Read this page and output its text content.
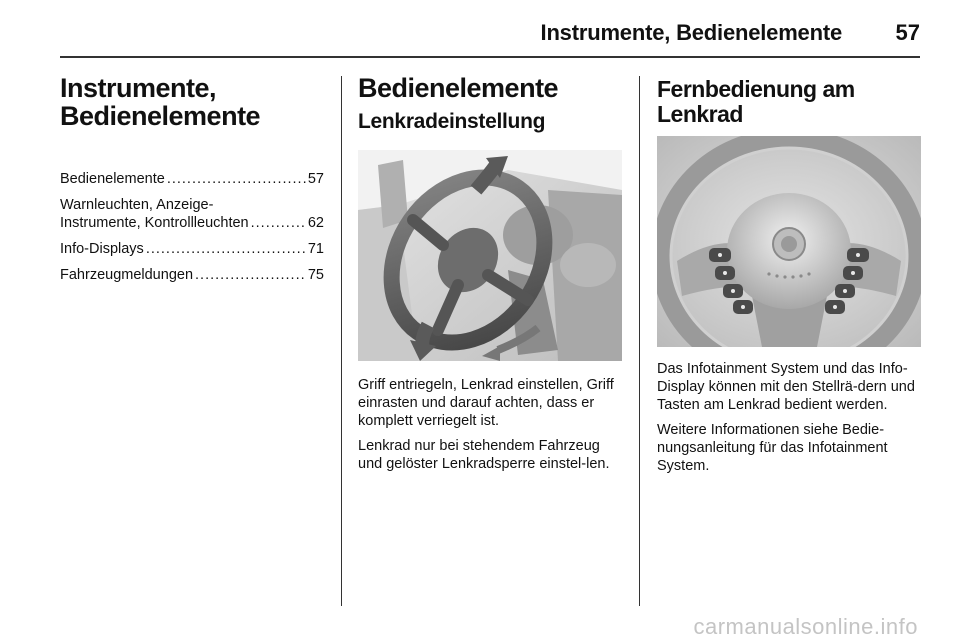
Instrumente, Bedienelemente 57
Instrumente, Bedienelemente
Bedienelemente .....	57
Warnleuchten, Anzeige-
Instrumente, Kontrollleuchten .....	62
Info-Displays .....	71
Fahrzeugmeldungen .....	75
Bedienelemente
Lenkradeinstellung

Griff entriegeln, Lenkrad einstellen, Griff einrasten und darauf achten, dass er komplett verriegelt ist.

Lenkrad nur bei stehendem Fahrzeug und gelöster Lenkradsperre einstel-len.

Fernbedienung am Lenkrad

Das Infotainment System und das Info-Display können mit den Stellrä-dern und Tasten am Lenkrad bedient werden.

Weitere Informationen siehe Bedie-nungsanleitung für das Infotainment System.

carmanualsonline.info
